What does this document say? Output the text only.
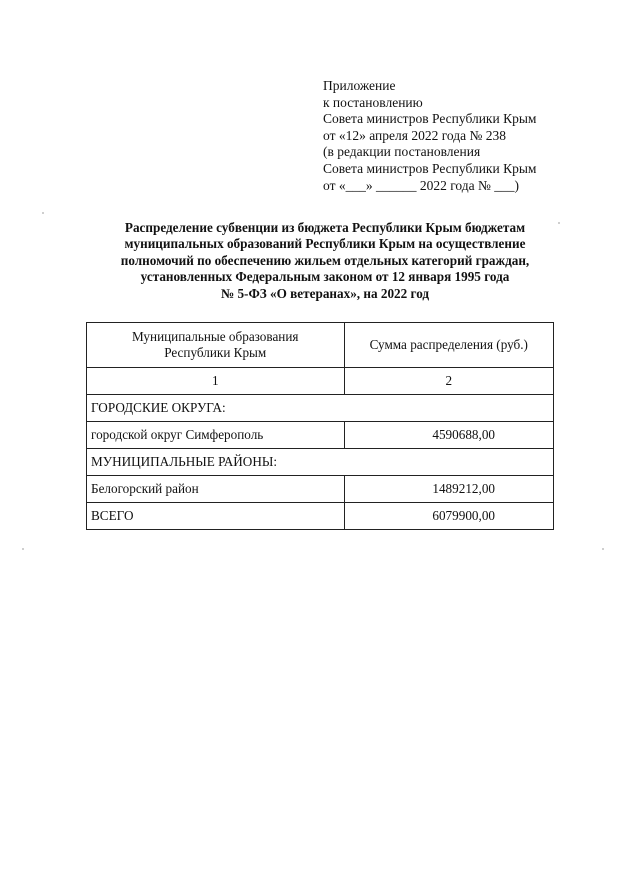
Приложение
к постановлению
Совета министров Республики Крым
от «12» апреля 2022 года № 238
(в редакции постановления
Совета министров Республики Крым
от «___» ______ 2022 года № ___)
Распределение субвенции из бюджета Республики Крым бюджетам
муниципальных образований Республики Крым на осуществление
полномочий по обеспечению жильем отдельных категорий граждан,
установленных Федеральным законом от 12 января 1995 года
№ 5-ФЗ «О ветеранах», на 2022 год
Муниципальные образования
Республики Крым	Сумма распределения (руб.)
1	2
ГОРОДСКИЕ ОКРУГА:	
городской округ Симферополь	4590688,00
МУНИЦИПАЛЬНЫЕ РАЙОНЫ:	
Белогорский район	1489212,00
ВСЕГО	6079900,00
